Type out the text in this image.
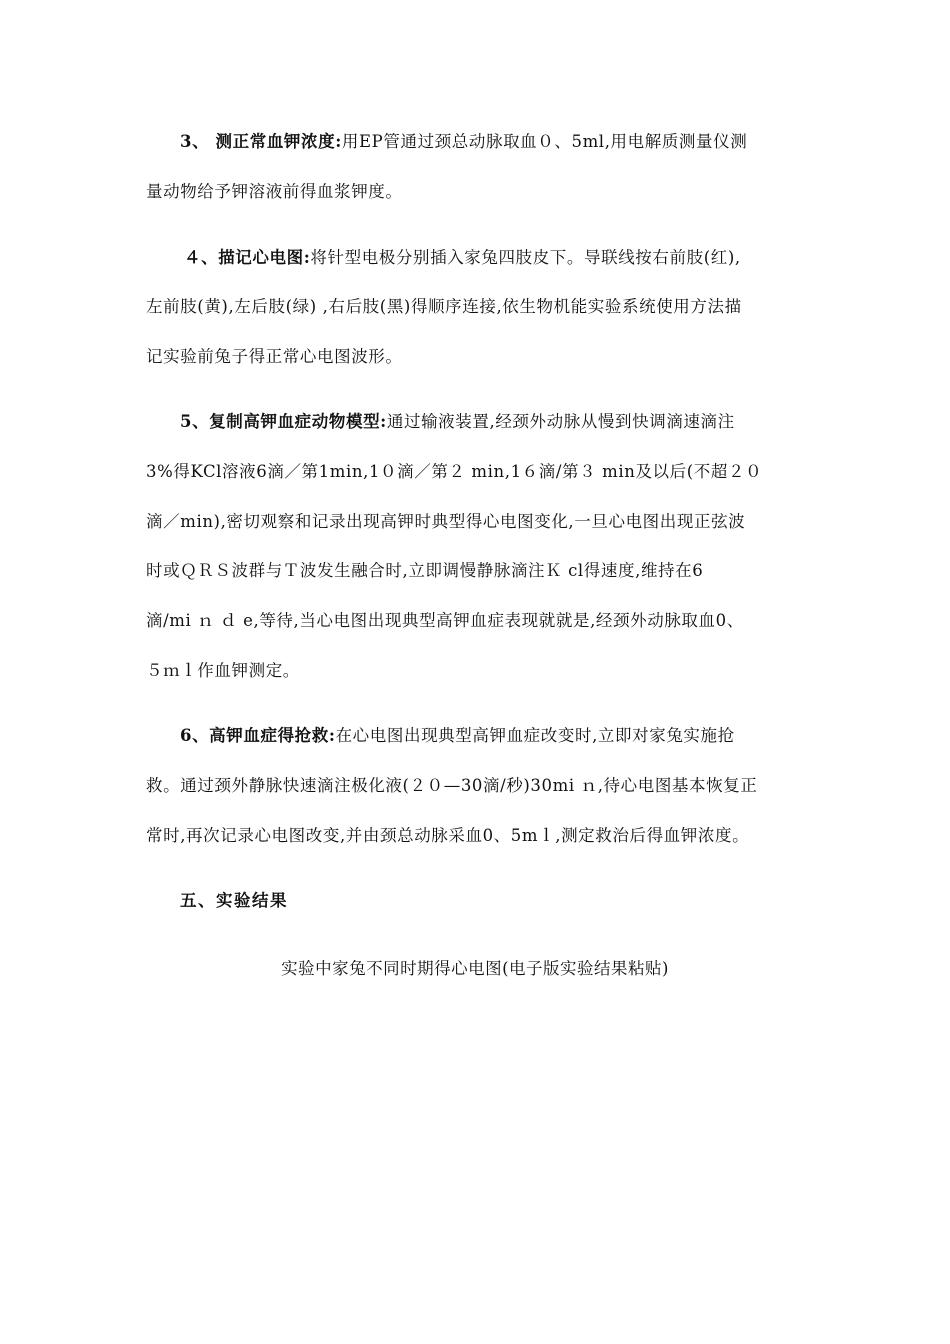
3、 测正常血钾浓度:用EP管通过颈总动脉取血０、5ml,用电解质测量仪测
量动物给予钾溶液前得血浆钾度。
４、描记心电图:将针型电极分别插入家兔四肢皮下。导联线按右前肢(红),
左前肢(黄),左后肢(绿) ,右后肢(黑)得顺序连接,依生物机能实验系统使用方法描
记实验前兔子得正常心电图波形。
5、复制高钾血症动物模型:通过输液装置,经颈外动脉从慢到快调滴速滴注
3%得KCl溶液6滴／第1min,1０滴／第２ min,1６滴/第３ min及以后(不超２０
滴／min),密切观察和记录出现高钾时典型得心电图变化,一旦心电图出现正弦波
时或ＱＲＳ波群与Ｔ波发生融合时,立即调慢静脉滴注Ｋ cl得速度,维持在6
滴/mi ｎ ｄ e,等待,当心电图出现典型高钾血症表现就就是,经颈外动脉取血0、
５ｍｌ作血钾测定。
6、高钾血症得抢救:在心电图出现典型高钾血症改变时,立即对家兔实施抢
救。通过颈外静脉快速滴注极化液(２０—30滴/秒)30mi ｎ,待心电图基本恢复正
常时,再次记录心电图改变,并由颈总动脉采血0、5mｌ,测定救治后得血钾浓度。
五、实验结果
实验中家兔不同时期得心电图(电子版实验结果粘贴)
